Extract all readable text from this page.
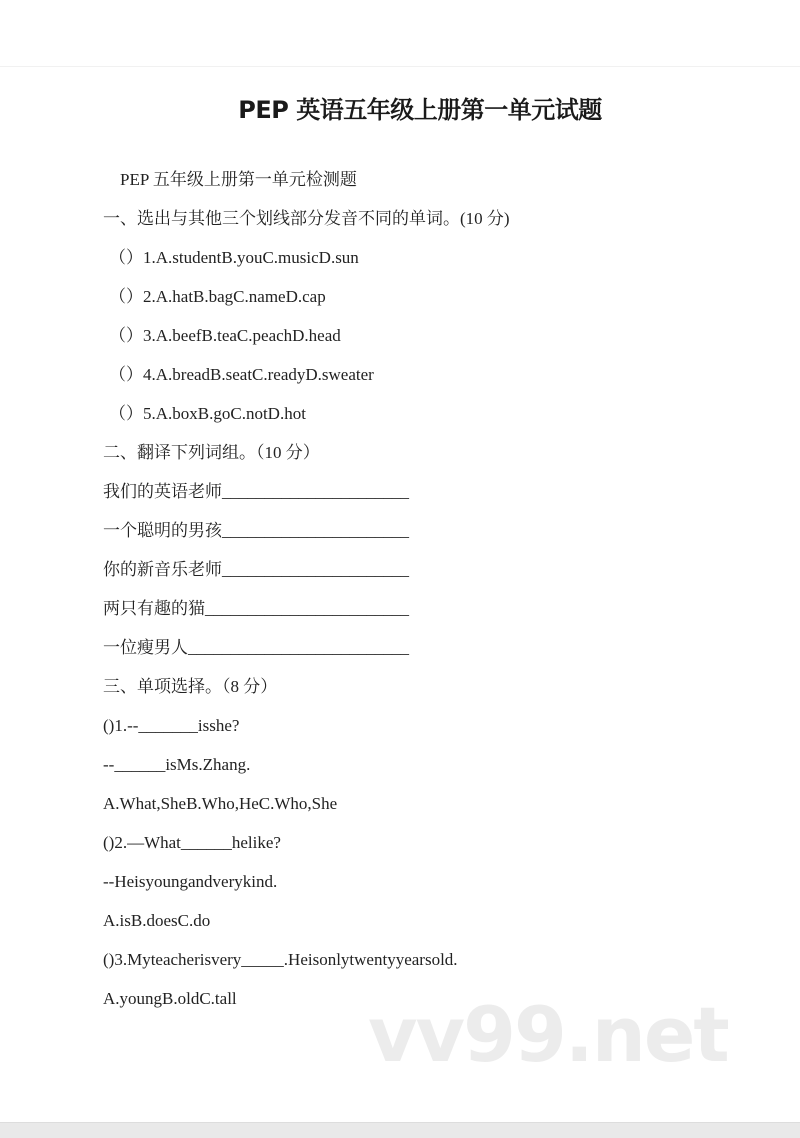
PEP 英语五年级上册第一单元试题
PEP 五年级上册第一单元检测题
一、选出与其他三个划线部分发音不同的单词。(10 分)
（）1.A.studentB.youC.musicD.sun
（）2.A.hatB.bagC.nameD.cap
（）3.A.beefB.teaC.peachD.head
（）4.A.breadB.seatC.readyD.sweater
（）5.A.boxB.goC.notD.hot
二、翻译下列词组。（10 分）
我们的英语老师______________________
一个聪明的男孩______________________
你的新音乐老师______________________
两只有趣的猫________________________
一位瘦男人__________________________
三、单项选择。（8 分）
()1.--_______isshe?
--______isMs.Zhang.
A.What,SheB.Who,HeC.Who,She
()2.—What______helike?
--Heisyoungandverykind.
A.isB.doesC.do
()3.Myteacherisvery_____.Heisonlytwentyyearsold.
A.youngB.oldC.tall	vv99.net
